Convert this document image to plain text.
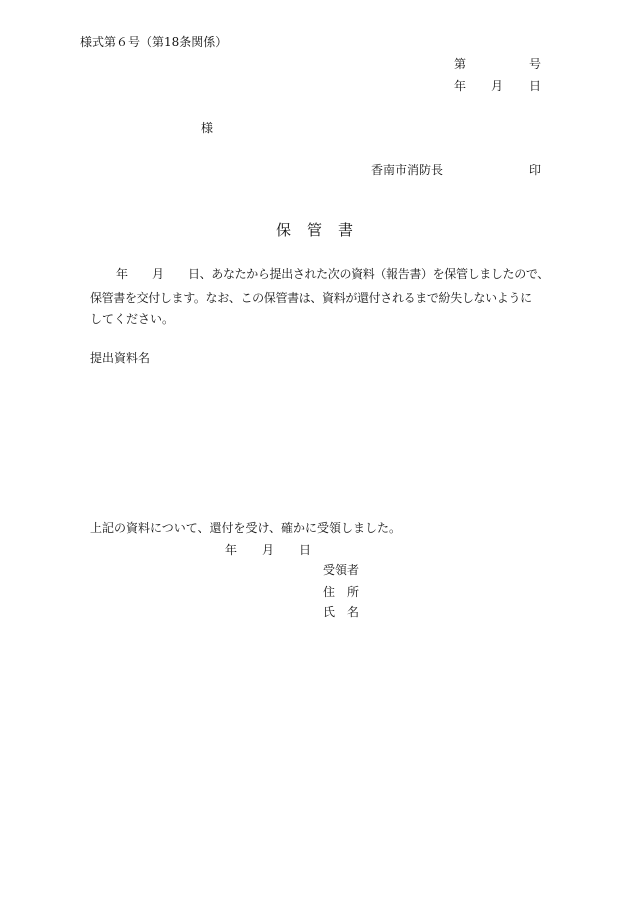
様式第６号（第18条関係）
第	号
年 月 日
様
香南市消防長	印
保 管 書
年 月 日、あなたから提出された次の資料（報告書）を保管しましたので、
保管書を交付します。なお、この保管書は、資料が還付されるまで紛失しないように
してください。
提出資料名
上記の資料について、還付を受け、確かに受領しました。
年 月 日
受領者
住 所
氏 名
